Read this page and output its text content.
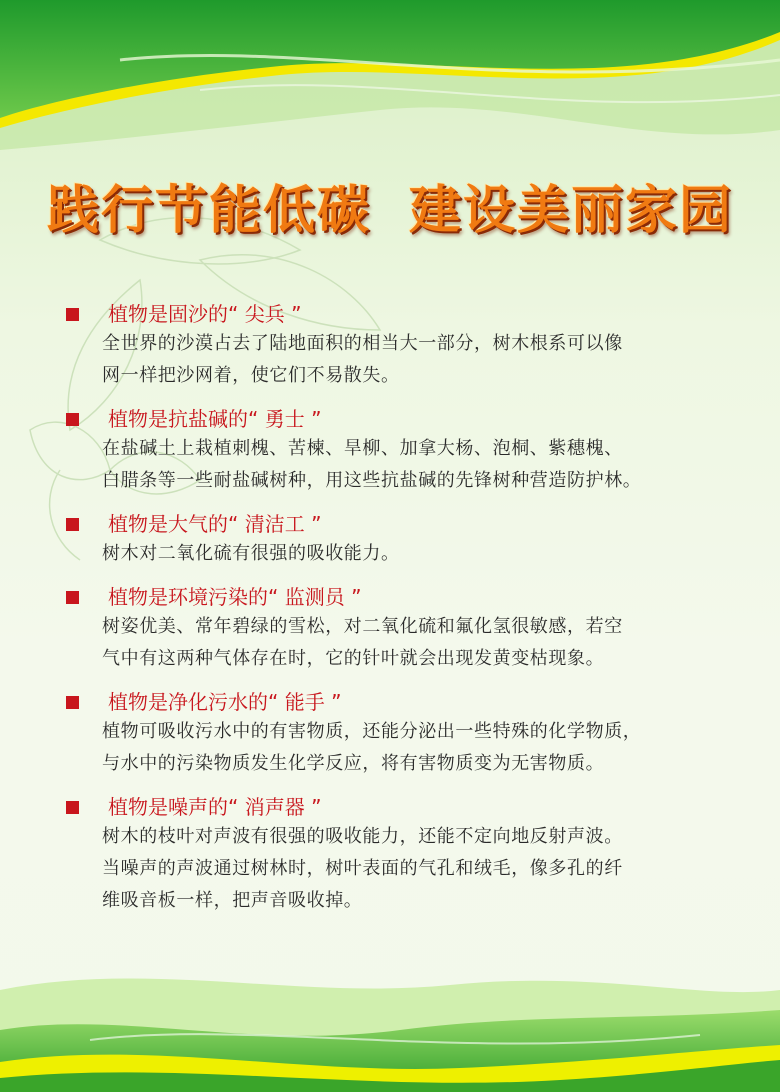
践行节能低碳 建设美丽家园
植物是固沙的“ 尖兵 ”
全世界的沙漠占去了陆地面积的相当大一部分，树木根系可以像
网一样把沙网着，使它们不易散失。
植物是抗盐碱的“ 勇士 ”
在盐碱土上栽植刺槐、苦楝、旱柳、加拿大杨、泡桐、紫穗槐、
白腊条等一些耐盐碱树种，用这些抗盐碱的先锋树种营造防护林。
植物是大气的“ 清洁工 ”
树木对二氧化硫有很强的吸收能力。
植物是环境污染的“ 监测员 ”
树姿优美、常年碧绿的雪松，对二氧化硫和氟化氢很敏感，若空
气中有这两种气体存在时，它的针叶就会出现发黄变枯现象。
植物是净化污水的“ 能手 ”
植物可吸收污水中的有害物质，还能分泌出一些特殊的化学物质，
与水中的污染物质发生化学反应，将有害物质变为无害物质。
植物是噪声的“ 消声器 ”
树木的枝叶对声波有很强的吸收能力，还能不定向地反射声波。
当噪声的声波通过树林时，树叶表面的气孔和绒毛，像多孔的纤
维吸音板一样，把声音吸收掉。
